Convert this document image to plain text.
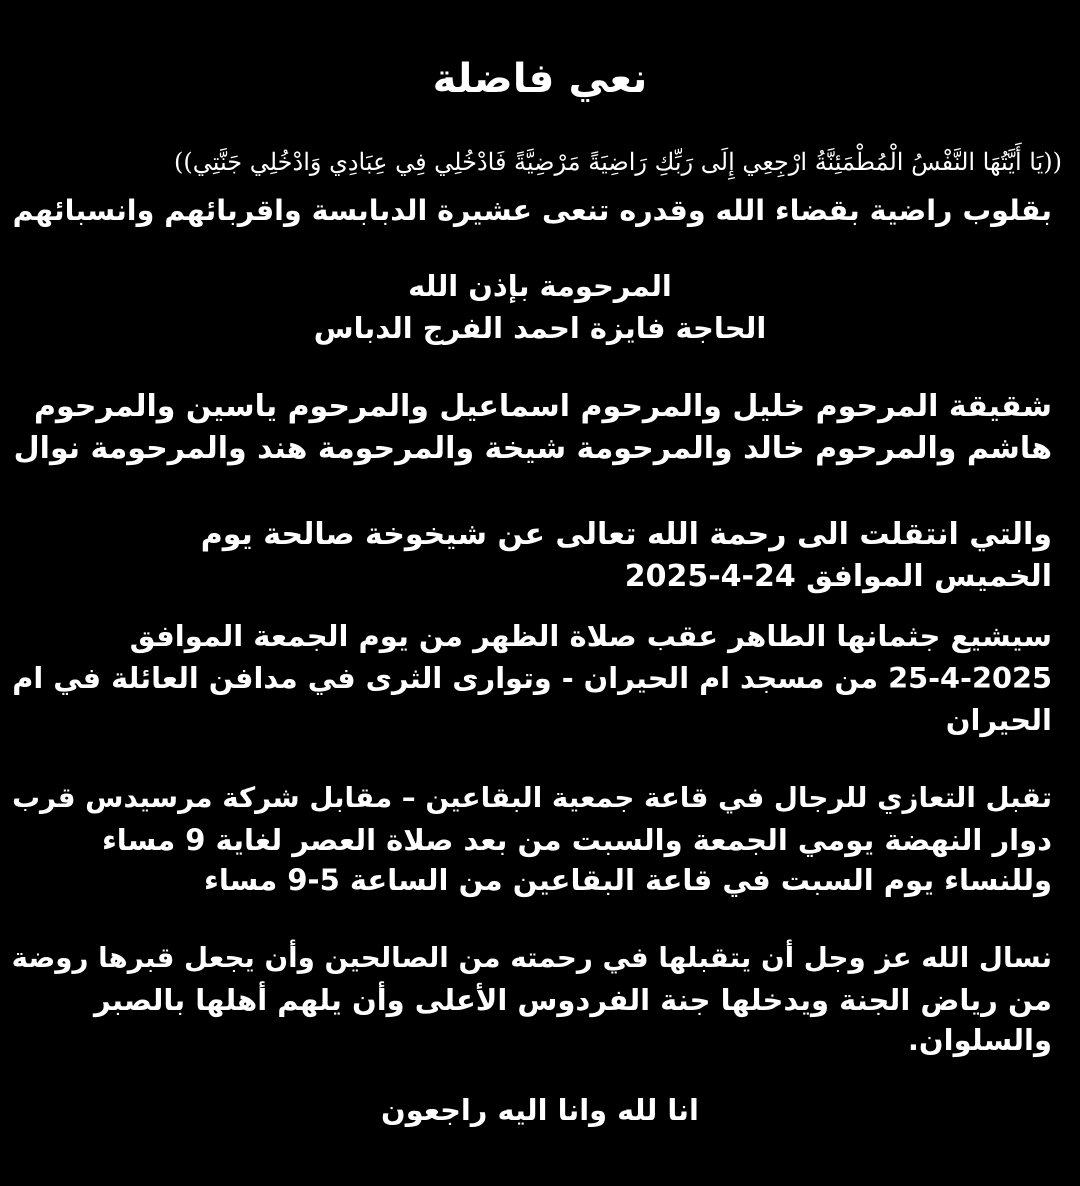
نعي فاضلة
((يَا أَيَّتُهَا النَّفْسُ الْمُطْمَئِنَّةُ ارْجِعِي إِلَى رَبِّكِ رَاضِيَةً مَرْضِيَّةً فَادْخُلِي فِي عِبَادِي وَادْخُلِي جَنَّتِي))
بقلوب راضية بقضاء الله وقدره تنعى عشيرة الدبابسة واقربائهم وانسبائهم
المرحومة بإذن الله
الحاجة فايزة احمد الفرج الدباس
شقيقة المرحوم خليل والمرحوم اسماعيل والمرحوم ياسين والمرحوم
هاشم والمرحوم خالد والمرحومة شيخة والمرحومة هند والمرحومة نوال
والتي انتقلت الى رحمة الله تعالى عن شيخوخة صالحة يوم
الخميس الموافق 24-4-2025
سيشيع جثمانها الطاهر عقب صلاة الظهر من يوم الجمعة الموافق
25-4-2025 من مسجد ام الحيران - وتوارى الثرى في مدافن العائلة في ام
الحيران
تقبل التعازي للرجال في قاعة جمعية البقاعين – مقابل شركة مرسيدس قرب
دوار النهضة يومي الجمعة والسبت من بعد صلاة العصر لغاية 9 مساء
وللنساء يوم السبت في قاعة البقاعين من الساعة 5-9 مساء
نسال الله عز وجل أن يتقبلها في رحمته من الصالحين وأن يجعل قبرها روضة
من رياض الجنة ويدخلها جنة الفردوس الأعلى وأن يلهم أهلها بالصبر
والسلوان.
انا لله وانا اليه راجعون
